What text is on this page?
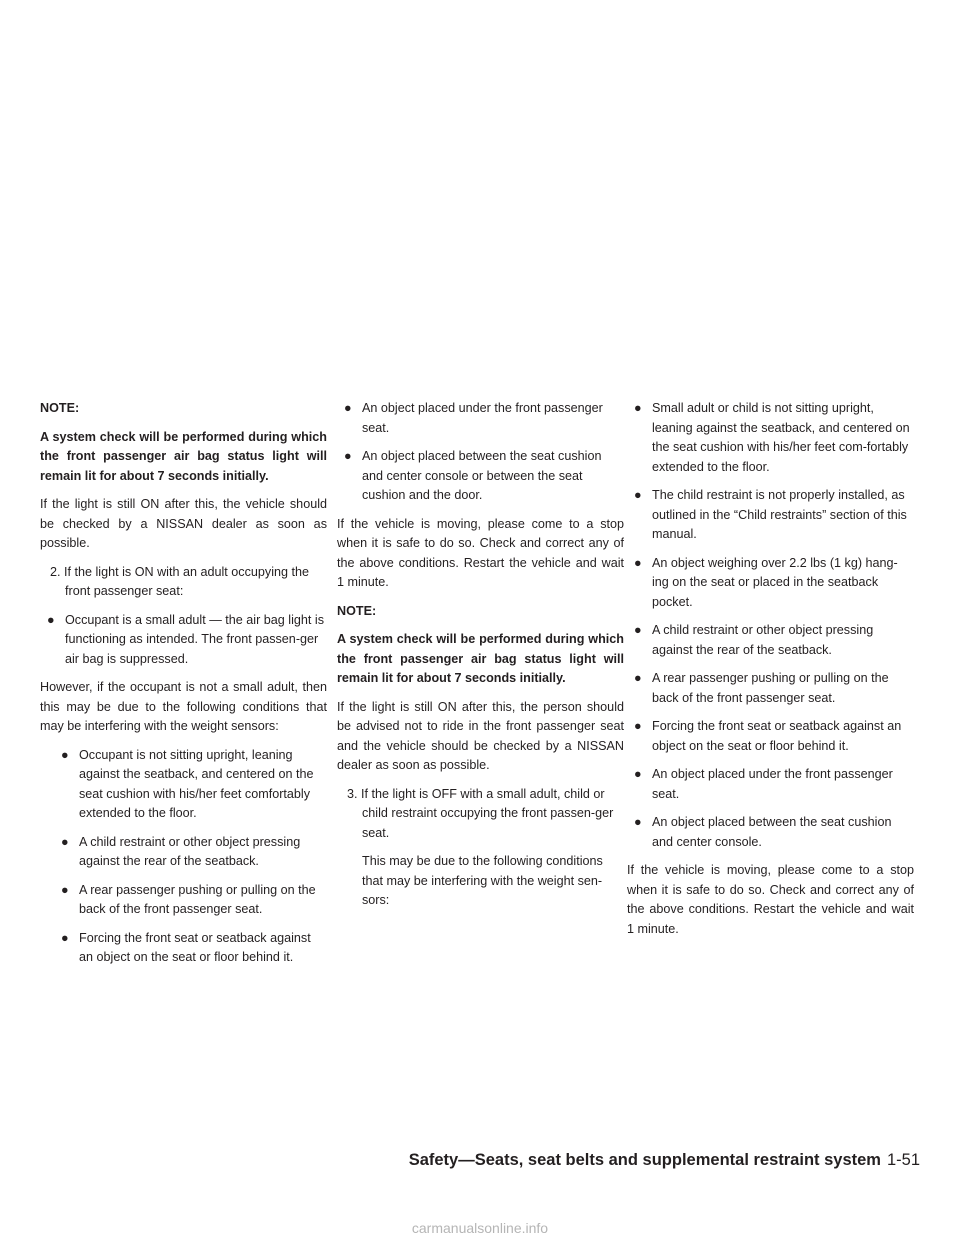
NOTE:

A system check will be performed during which the front passenger air bag status light will remain lit for about 7 seconds initially.

If the light is still ON after this, the vehicle should be checked by a NISSAN dealer as soon as possible.

2. If the light is ON with an adult occupying the front passenger seat:

● Occupant is a small adult — the air bag light is functioning as intended. The front passen-ger air bag is suppressed.

However, if the occupant is not a small adult, then this may be due to the following conditions that may be interfering with the weight sensors:

● Occupant is not sitting upright, leaning against the seatback, and centered on the seat cushion with his/her feet comfortably extended to the floor.
● A child restraint or other object pressing against the rear of the seatback.
● A rear passenger pushing or pulling on the back of the front passenger seat.
● Forcing the front seat or seatback against an object on the seat or floor behind it.
● An object placed under the front passenger seat.
● An object placed between the seat cushion and center console or between the seat cushion and the door.

If the vehicle is moving, please come to a stop when it is safe to do so. Check and correct any of the above conditions. Restart the vehicle and wait 1 minute.

NOTE:

A system check will be performed during which the front passenger air bag status light will remain lit for about 7 seconds initially.

If the light is still ON after this, the person should be advised not to ride in the front passenger seat and the vehicle should be checked by a NISSAN dealer as soon as possible.

3. If the light is OFF with a small adult, child or child restraint occupying the front passen-ger seat.

This may be due to the following conditions that may be interfering with the weight sen-sors:

● Small adult or child is not sitting upright, leaning against the seatback, and centered on the seat cushion with his/her feet com-fortably extended to the floor.
● The child restraint is not properly installed, as outlined in the “Child restraints” section of this manual.
● An object weighing over 2.2 lbs (1 kg) hang-ing on the seat or placed in the seatback pocket.
● A child restraint or other object pressing against the rear of the seatback.
● A rear passenger pushing or pulling on the back of the front passenger seat.
● Forcing the front seat or seatback against an object on the seat or floor behind it.
● An object placed under the front passenger seat.
● An object placed between the seat cushion and center console.

If the vehicle is moving, please come to a stop when it is safe to do so. Check and correct any of the above conditions. Restart the vehicle and wait 1 minute.

Safety—Seats, seat belts and supplemental restraint system 1-51
carmanualsonline.info
